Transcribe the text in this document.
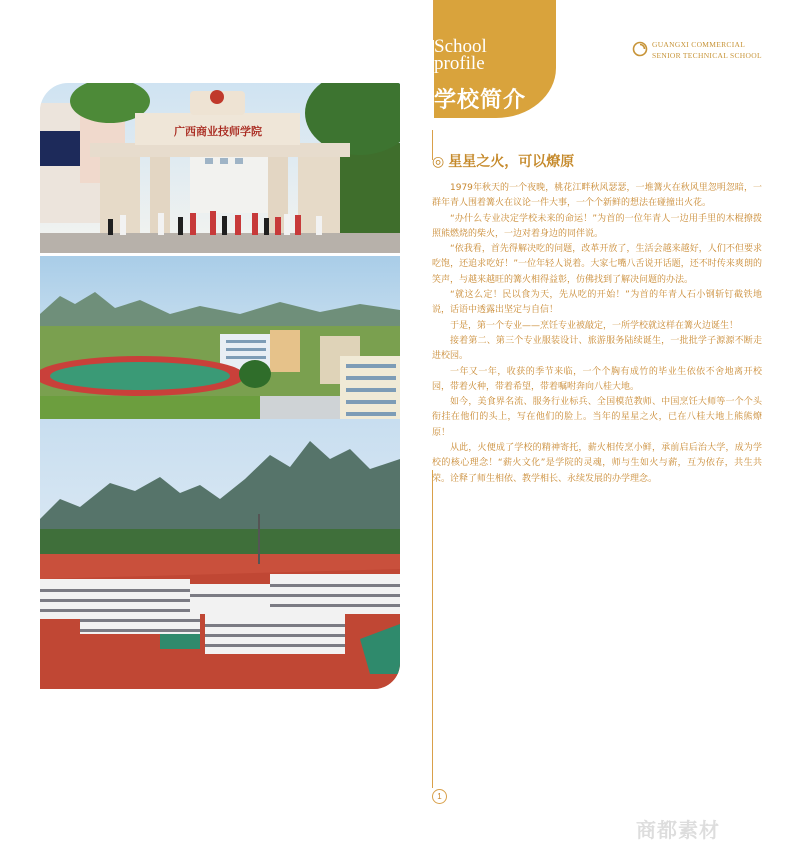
广西商业技师学院
School
profile
学校简介
GUANGXI COMMERCIAL
SENIOR TECHNICAL SCHOOL
◎ 星星之火，可以燎原

1979年秋天的一个夜晚，桃花江畔秋风瑟瑟，一堆篝火在秋风里忽明忽暗，一群年青人围着篝火在议论一件大事，一个个新鲜的想法在碰撞出火花。

“办什么专业决定学校未来的命运！”为首的一位年青人一边用手里的木棍撩拨照熊燃烧的柴火，一边对着身边的同伴说。

“依我看，首先得解决吃的问题，改革开放了，生活会越来越好，人们不但要求吃饱，还追求吃好！”一位年轻人说着。大家七嘴八舌说开话题，还不时传来爽朗的笑声，与越来越旺的篝火相得益彰，仿佛找到了解决问题的办法。

“就这么定！民以食为天，先从吃的开始！”为首的年青人石小钢斩钉截铁地说，话语中透露出坚定与自信！

于是，第一个专业——烹饪专业被敲定，一所学校就这样在篝火边诞生！

接着第二、第三个专业服装设计、旅游服务陆续诞生，一批批学子源源不断走进校园。

一年又一年，收获的季节来临，一个个胸有成竹的毕业生依依不舍地离开校园，带着火种，带着希望，带着嘱咐奔向八桂大地。

如今，美食界名流、服务行业标兵、全国模范教师、中国烹饪大师等一个个头衔挂在他们的头上，写在他们的脸上。当年的星星之火，已在八桂大地上熊熊燎原！

从此，火便成了学校的精神寄托，薪火相传烹小鲜，承前启后治大学，成为学校的核心理念！“薪火文化”是学院的灵魂，师与生如火与薪，互为依存，共生共荣。诠释了师生相依、教学相长、永续发展的办学理念。

1
商都素材
